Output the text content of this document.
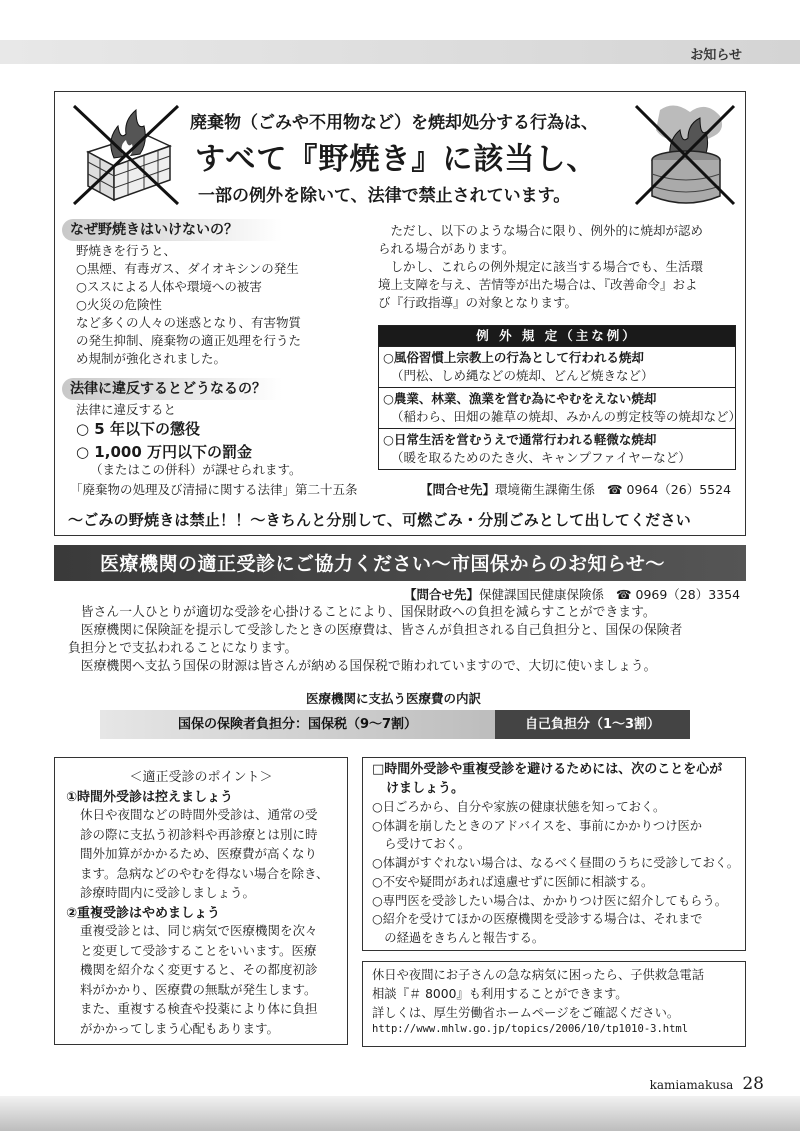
お知らせ
廃棄物（ごみや不用物など）を焼却処分する行為は、
すべて『野焼き』に該当し、
一部の例外を除いて、法律で禁止されています。
なぜ野焼きはいけないの？
野焼きを行うと、
○黒煙、有毒ガス、ダイオキシンの発生
○ススによる人体や環境への被害
○火災の危険性
など多くの人々の迷惑となり、有害物質
の発生抑制、廃棄物の適正処理を行うた
め規制が強化されました。
法律に違反するとどうなるの？
法律に違反すると
○ 5 年以下の懲役
○ 1,000 万円以下の罰金
（またはこの併科）が課せられます。
「廃棄物の処理及び清掃に関する法律」第二十五条
　ただし、以下のような場合に限り、例外的に焼却が認め
られる場合があります。
　しかし、これらの例外規定に該当する場合でも、生活環
境上支障を与え、苦情等が出た場合は、『改善命令』およ
び『行政指導』の対象となります。
例 外 規 定（主な例）
○風俗習慣上宗教上の行為として行われる焼却
（門松、しめ縄などの焼却、どんど焼きなど）
○農業、林業、漁業を営む為にやむをえない焼却
（稲わら、田畑の雑草の焼却、みかんの剪定枝等の焼却など）
○日常生活を営むうえで通常行われる軽微な焼却
（暖を取るためのたき火、キャンプファイヤーなど）
【問合せ先】環境衛生課衛生係 ☎ 0964（26）5524
～ごみの野焼きは禁止！！～きちんと分別して、可燃ごみ・分別ごみとして出してください
医療機関の適正受診にご協力ください～市国保からのお知らせ～
【問合せ先】保健課国民健康保険係 ☎ 0969（28）3354
　皆さん一人ひとりが適切な受診を心掛けることにより、国保財政への負担を減らすことができます。
　医療機関に保険証を提示して受診したときの医療費は、皆さんが負担される自己負担分と、国保の保険者
負担分とで支払われることになります。
　医療機関へ支払う国保の財源は皆さんが納める国保税で賄われていますので、大切に使いましょう。
医療機関に支払う医療費の内訳
国保の保険者負担分：国保税（9～7割）	自己負担分（1～3割）
＜適正受診のポイント＞
①時間外受診は控えましょう
休日や夜間などの時間外受診は、通常の受
診の際に支払う初診料や再診療とは別に時
間外加算がかかるため、医療費が高くなり
ます。急病などのやむを得ない場合を除き、
診療時間内に受診しましょう。
②重複受診はやめましょう
重複受診とは、同じ病気で医療機関を次々
と変更して受診することをいいます。医療
機関を紹介なく変更すると、その都度初診
料がかかり、医療費の無駄が発生します。
また、重複する検査や投薬により体に負担
がかかってしまう心配もあります。
□時間外受診や重複受診を避けるためには、次のことを心が
けましょう。
○日ごろから、自分や家族の健康状態を知っておく。
○体調を崩したときのアドバイスを、事前にかかりつけ医か
　ら受けておく。
○体調がすぐれない場合は、なるべく昼間のうちに受診しておく。
○不安や疑問があれば遠慮せずに医師に相談する。
○専門医を受診したい場合は、かかりつけ医に紹介してもらう。
○紹介を受けてほかの医療機関を受診する場合は、それまで
　の経過をきちんと報告する。
休日や夜間にお子さんの急な病気に困ったら、子供救急電話
相談『＃ 8000』も利用することができます。
詳しくは、厚生労働省ホームページをご確認ください。
http://www.mhlw.go.jp/topics/2006/10/tp1010-3.html
kamiamakusa 28
